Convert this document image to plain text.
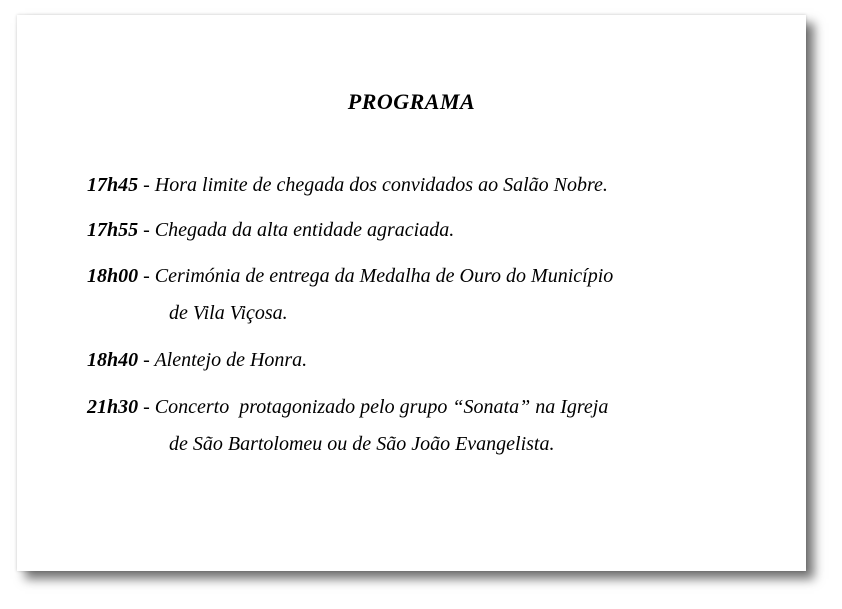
PROGRAMA
17h45 - Hora limite de chegada dos convidados ao Salão Nobre.
17h55 - Chegada da alta entidade agraciada.
18h00 - Cerimónia de entrega da Medalha de Ouro do Município
de Vila Viçosa.
18h40 - Alentejo de Honra.
21h30 - Concerto  protagonizado pelo grupo “Sonata” na Igreja
de São Bartolomeu ou de São João Evangelista.
